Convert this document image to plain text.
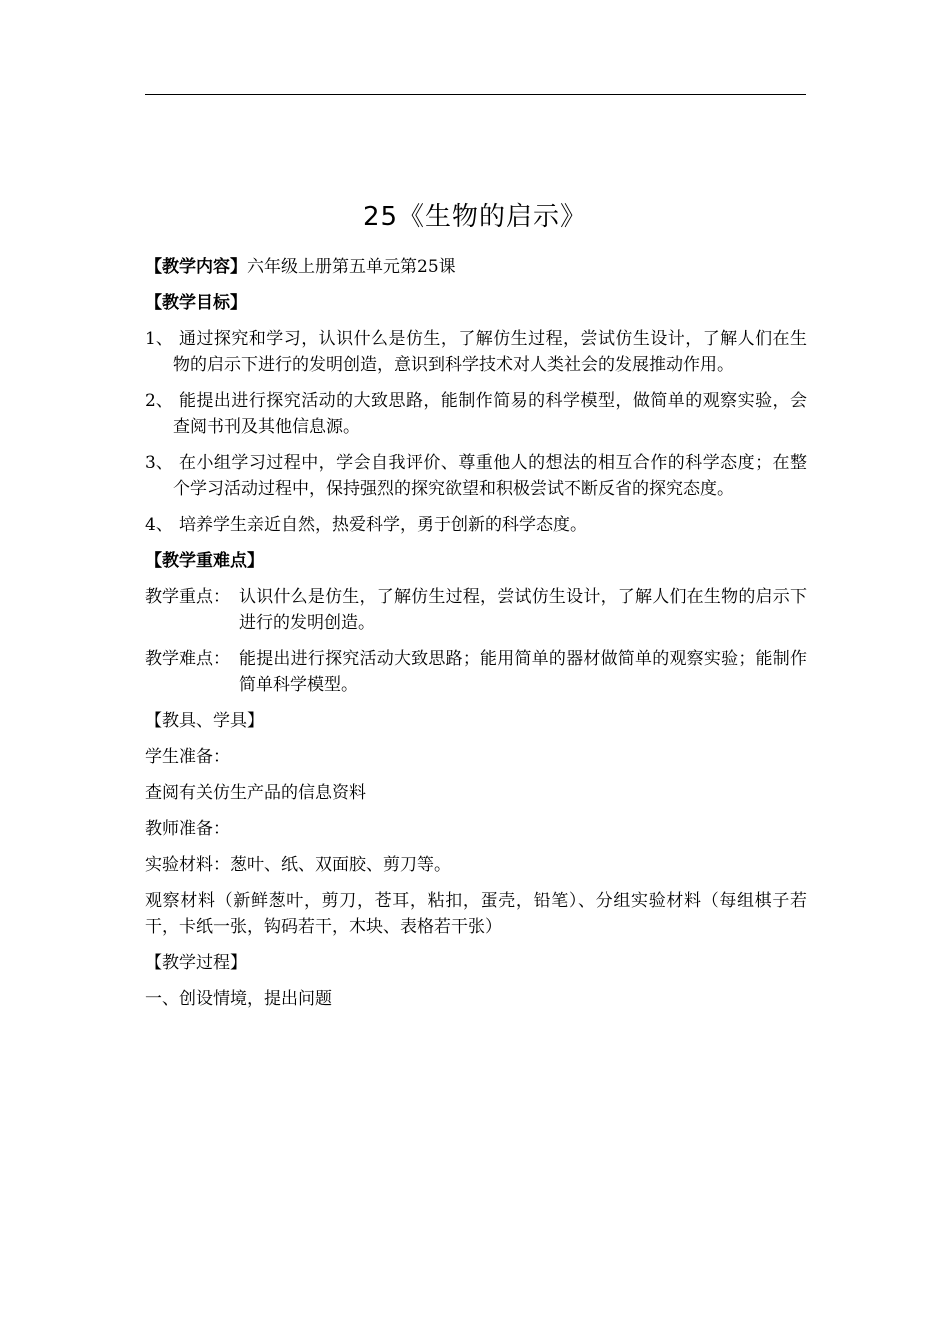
25《生物的启示》
【教学内容】六年级上册第五单元第25课
【教学目标】
1、 通过探究和学习，认识什么是仿生，了解仿生过程，尝试仿生设计，了解人们在生物的启示下进行的发明创造，意识到科学技术对人类社会的发展推动作用。
2、 能提出进行探究活动的大致思路，能制作简易的科学模型，做简单的观察实验，会查阅书刊及其他信息源。
3、 在小组学习过程中，学会自我评价、尊重他人的想法的相互合作的科学态度；在整个学习活动过程中，保持强烈的探究欲望和积极尝试不断反省的探究态度。
4、 培养学生亲近自然，热爱科学，勇于创新的科学态度。
【教学重难点】
教学重点： 认识什么是仿生，了解仿生过程，尝试仿生设计，了解人们在生物的启示下进行的发明创造。
教学难点： 能提出进行探究活动大致思路；能用简单的器材做简单的观察实验；能制作简单科学模型。
【教具、学具】
学生准备：
查阅有关仿生产品的信息资料
教师准备：
实验材料：葱叶、纸、双面胶、剪刀等。
观察材料（新鲜葱叶，剪刀，苍耳，粘扣，蛋壳，铅笔）、分组实验材料（每组棋子若干，卡纸一张，钩码若干，木块、表格若干张）
【教学过程】
一、创设情境，提出问题
